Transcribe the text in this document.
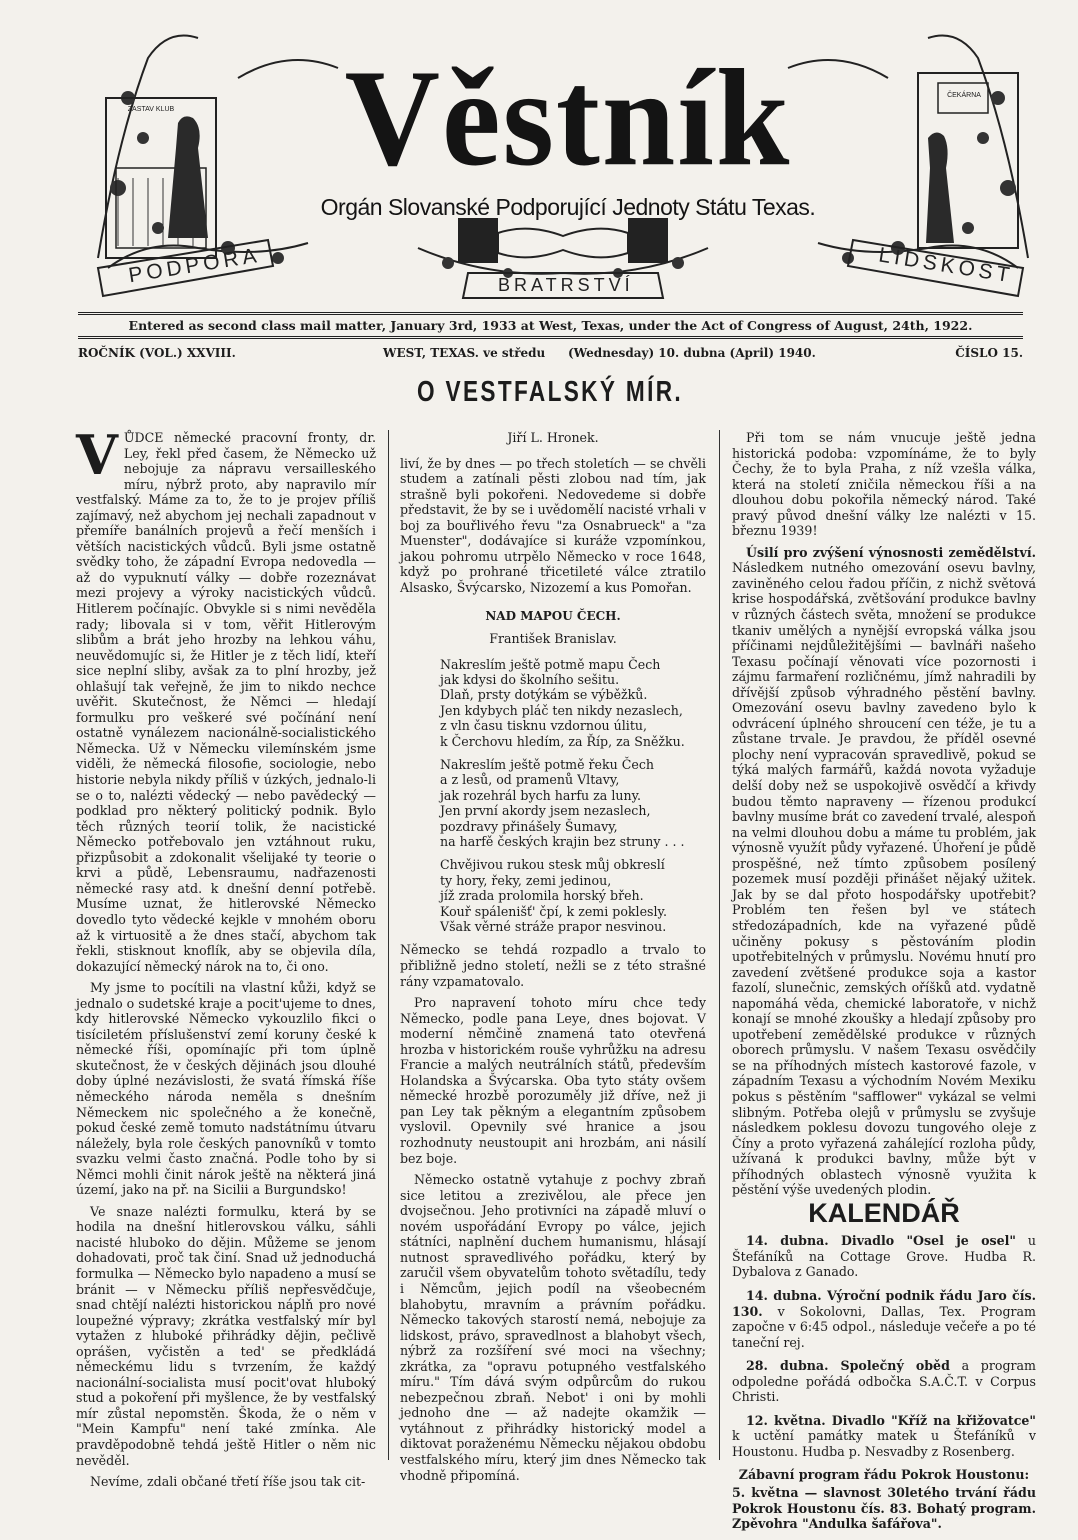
Věstník
Orgán Slovanské Podporující Jednoty Státu Texas.
PODPORA	BRATRSTVÍ	LIDSKOST
ZASTAV KLUB
ČEKÁRNA
Entered as second class mail matter, January 3rd, 1933 at West, Texas, under the Act of Congress of August, 24th, 1922.
ROČNÍK (VOL.) XXVIII.	WEST, TEXAS. ve středu (Wednesday) 10. dubna (April) 1940.	ČÍSLO 15.
O VESTFALSKÝ MÍR.

VŮDCE německé pracovní fronty, dr. Ley, řekl před časem, že Německo už nebojuje za nápravu versailleského míru, nýbrž proto, aby napravilo mír vestfalský. Máme za to, že to je projev příliš zajímavý, než abychom jej nechali zapadnout v přemíře banálních projevů a řečí menších i větších nacistických vůdců. Byli jsme ostatně svědky toho, že západní Evropa nedovedla — až do vypuknutí války — dobře rozeznávat mezi projevy a výroky nacistických vůdců. Hitlerem počínajíc. Obvykle si s nimi nevěděla rady; libovala si v tom, věřit Hitlerovým slibům a brát jeho hrozby na lehkou váhu, neuvědomujíc si, že Hitler je z těch lidí, kteří sice neplní sliby, avšak za to plní hrozby, jež ohlašují tak veřejně, že jim to nikdo nechce uvěřit. Skutečnost, že Němci — hledají formulku pro veškeré své počínání není ostatně vynálezem nacionálně-socialistického Německa. Už v Německu vilemínském jsme viděli, že německá filosofie, sociologie, nebo historie nebyla nikdy příliš v úzkých, jednalo-li se o to, nalézti vědecký — nebo pavědecký — podklad pro některý politický podnik. Bylo těch různých teorií tolik, že nacistické Německo potřebovalo jen vztáhnout ruku, přizpůsobit a zdokonalit všelijaké ty teorie o krvi a půdě, Lebensraumu, nadřazenosti německé rasy atd. k dnešní denní potřebě. Musíme uznat, že hitlerovské Německo dovedlo tyto vědecké kejkle v mnohém oboru až k virtuositě a že dnes stačí, abychom tak řekli, stisknout knoflík, aby se objevila díla, dokazující německý nárok na to, či ono.

My jsme to pocítili na vlastní kůži, když se jednalo o sudetské kraje a pocit'ujeme to dnes, kdy hitlerovské Německo vykouzlilo fikci o tisíciletém příslušenství zemí koruny české k německé říši, opomínajíc při tom úplně skutečnost, že v českých dějinách jsou dlouhé doby úplné nezávislosti, že svatá římská říše německého národa neměla s dnešním Německem nic společného a že konečně, pokud české země tomuto nadstátnímu útvaru náležely, byla role českých panovníků v tomto svazku velmi často značná. Podle toho by si Němci mohli činit nárok ještě na některá jiná území, jako na př. na Sicilii a Burgundsko!

Ve snaze nalézti formulku, která by se hodila na dnešní hitlerovskou válku, sáhli nacisté hluboko do dějin. Můžeme se jenom dohadovati, proč tak činí. Snad už jednoduchá formulka — Německo bylo napadeno a musí se bránit — v Německu příliš nepřesvědčuje, snad chtějí nalézti historickou náplň pro nové loupežné výpravy; zkrátka vestfalský mír byl vytažen z hluboké přihrádky dějin, pečlivě oprášen, vyčistěn a ted' se předkládá německému lidu s tvrzením, že každý nacionální-socialista musí pocit'ovat hluboký stud a pokoření při myšlence, že by vestfalský mír zůstal nepomstěn. Škoda, že o něm v "Mein Kampfu" není také zmínka. Ale pravděpodobně tehdá ještě Hitler o něm nic nevěděl.

Nevíme, zdali občané třetí říše jsou tak cit-

Jiří L. Hronek.

liví, že by dnes — po třech stoletích — se chvěli studem a zatínali pěsti zlobou nad tím, jak strašně byli pokořeni. Nedovedeme si dobře představit, že by se i uvědomělí nacisté vrhali v boj za bouřlivého řevu "za Osnabrueck" a "za Muenster", dodávajíce si kuráže vzpomínkou, jakou pohromu utrpělo Německo v roce 1648, když po prohrané třicetileté válce ztratilo Alsasko, Švýcarsko, Nizozemí a kus Pomořan.

NAD MAPOU ČECH.
František Branislav.
Nakreslím ještě potmě mapu Čech
jak kdysi do školního sešitu.
Dlaň, prsty dotýkám se výběžků.
Jen kdybych pláč ten nikdy nezaslech,
z vln času tisknu vzdornou úlitu,
k Čerchovu hledím, za Říp, za Sněžku.
Nakreslím ještě potmě řeku Čech
a z lesů, od pramenů Vltavy,
jak rozehrál bych harfu za luny.
Jen první akordy jsem nezaslech,
pozdravy přinášely Šumavy,
na harfě českých krajin bez struny . . .
Chvějivou rukou stesk můj obkreslí
ty hory, řeky, zemi jedinou,
jíž zrada prolomila horský břeh.
Kouř spálenišť' čpí, k zemi poklesly.
Však věrné stráže prapor nesvinou.

Německo se tehdá rozpadlo a trvalo to přibližně jedno století, nežli se z této strašné rány vzpamatovalo.

Pro napravení tohoto míru chce tedy Německo, podle pana Leye, dnes bojovat. V moderní němčině znamená tato otevřená hrozba v historickém rouše vyhrůžku na adresu Francie a malých neutrálních států, především Holandska a Švýcarska. Oba tyto státy ovšem německé hrozbě porozuměly již dříve, než ji pan Ley tak pěkným a elegantním způsobem vyslovil. Opevnily své hranice a jsou rozhodnuty neustoupit ani hrozbám, ani násilí bez boje.

Německo ostatně vytahuje z pochvy zbraň sice letitou a zrezivělou, ale přece jen dvojsečnou. Jeho protivníci na západě mluví o novém uspořádání Evropy po válce, jejich státníci, naplnění duchem humanismu, hlásají nutnost spravedlivého pořádku, který by zaručil všem obyvatelům tohoto světadílu, tedy i Němcům, jejich podíl na všeobecném blahobytu, mravním a právním pořádku. Německo takových starostí nemá, nebojuje za lidskost, právo, spravedlnost a blahobyt všech, nýbrž za rozšíření své moci na všechny; zkrátka, za "opravu potupného vestfalského míru." Tím dává svým odpůrcům do rukou nebezpečnou zbraň. Nebot' i oni by mohli jednoho dne — až nadejte okamžik — vytáhnout z přihrádky historický model a diktovat poraženému Německu nějakou obdobu vestfalského míru, který jim dnes Německo tak vhodně připomíná.

Při tom se nám vnucuje ještě jedna historická podoba: vzpomínáme, že to byly Čechy, že to byla Praha, z níž vzešla válka, která na století zničila německou říši a na dlouhou dobu pokořila německý národ. Také pravý původ dnešní války lze nalézti v 15. březnu 1939!

Úsilí pro zvýšení výnosnosti zemědělství. Následkem nutného omezování osevu bavlny, zaviněného celou řadou příčin, z nichž světová krise hospodářská, zvětšování produkce bavlny v různých částech světa, množení se produkce tkaniv umělých a nynější evropská válka jsou příčinami nejdůležitějšími — bavlnáři našeho Texasu počínají věnovati více pozornosti i zájmu farmaření rozličnému, jímž nahradili by dřívější způsob výhradného pěstění bavlny. Omezování osevu bavlny zavedeno bylo k odvrácení úplného shroucení cen téže, je tu a zůstane trvale. Je pravdou, že příděl osevné plochy není vypracován spravedlivě, pokud se týká malých farmářů, každá novota vyžaduje delší doby než se uspokojivě osvědčí a křivdy budou těmto napraveny — řízenou produkcí bavlny musíme brát co zavedení trvalé, alespoň na velmi dlouhou dobu a máme tu problém, jak výnosně využít půdy vyřazené. Úhoření je půdě prospěšné, než tímto způsobem posílený pozemek musí později přinášet nějaký užitek. Jak by se dal přoto hospodářsky upotřebit? Problém ten řešen byl ve státech středozápadních, kde na vyřazené půdě učiněny pokusy s pěstováním plodin upotřebitelných v průmyslu. Novému hnutí pro zavedení zvětšené produkce soja a kastor fazolí, slunečnic, zemských oříšků atd. vydatně napomáhá věda, chemické laboratoře, v nichž konají se mnohé zkoušky a hledají způsoby pro upotřebení zemědělské produkce v různých oborech průmyslu. V našem Texasu osvědčily se na příhodných místech kastorové fazole, v západním Texasu a východním Novém Mexiku pokus s pěstěním "safflower" vykázal se velmi slibným. Potřeba olejů v průmyslu se zvyšuje následkem poklesu dovozu tungového oleje z Číny a proto vyřazená zahálející rozloha půdy, užívaná k produkci bavlny, může být v příhodných oblastech výnosně využita k pěstění výše uvedených plodin.

KALENDÁŘ
14. dubna. Divadlo "Osel je osel" u Štefáníků na Cottage Grove. Hudba R. Dybalova z Ganado.
14. dubna. Výroční podnik řádu Jaro čís. 130. v Sokolovni, Dallas, Tex. Program započne v 6:45 odpol., následuje večeře a po té taneční rej.
28. dubna. Společný oběd a program odpoledne pořádá odbočka S.A.Č.T. v Corpus Christi.
12. května. Divadlo "Kříž na křižovatce" k uctění památky matek u Štefáníků v Houstonu. Hudba p. Nesvadby z Rosenberg.
Zábavní program řádu Pokrok Houstonu:
5. května — slavnost 30letého trvání řádu Pokrok Houstonu čís. 83. Bohatý program. Zpěvohra "Andulka šafářova".
